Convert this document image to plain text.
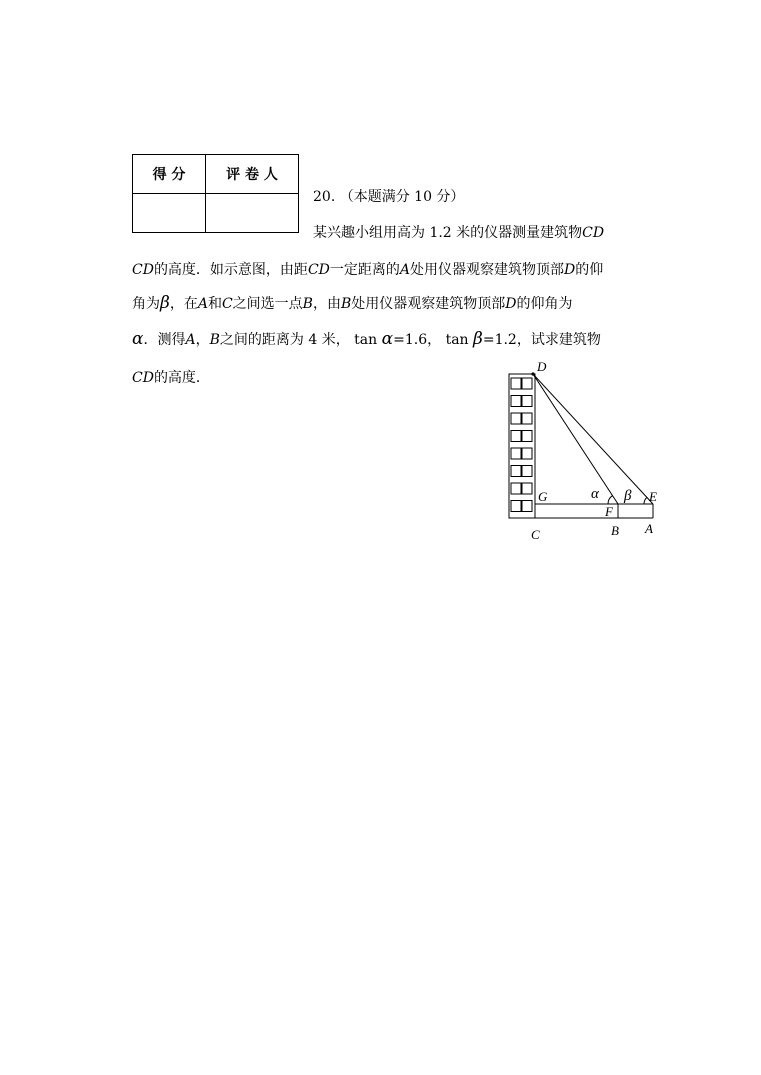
得 分	评 卷 人

20. （本题满分 10 分）
某兴趣小组用高为 1.2 米的仪器测量建筑物CD
CD的高度．如示意图，由距CD一定距离的A处用仪器观察建筑物顶部D的仰
角为β，在A和C之间选一点B，由B处用仪器观察建筑物顶部D的仰角为
α．测得A，B之间的距离为 4 米， tan α=1.6， tan β=1.2，试求建筑物
CD的高度．
D
G	α β E
F
C	B A
